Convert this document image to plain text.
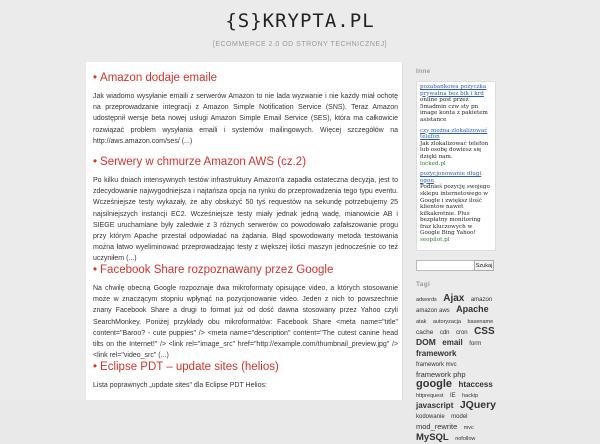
{S}KRYPTA.PL
[ECOMMERCE 2.0 OD STRONY TECHNICZNEJ]
• Amazon dodaje emaile
Jak wiadomo wysyłanie emaili z serwerów Amazon to nie lada wyzwanie i nie każdy miał ochotę na przeprowadzanie integracji z Amazon Simple Notification Service (SNS). Teraz Amazon udostępnił wersje beta nowej usługi Amazon Simple Email Service (SES), która ma całkowicie rozwiązać problem wysyłania emaili i systemów mailingowych. Więcej szczegółów na http://aws.amazon.com/ses/ (...)
• Serwery w chmurze Amazon AWS (cz.2)
Po kilku dniach intensywnych testów infrastruktury Amazon'a zapadła ostateczna decyzja, jest to zdecydowanie najwygodniejsza i najtańsza opcja na rynku do przeprowadzenia tego typu eventu. Wcześniejsze testy wykazały, że aby obsłużyć 50 tyś requestów na sekundę potrzebujemy 25 najsilniejszych instancji EC2. Wcześniejsze testy miały jednak jedną wadę, mianowicie AB i SIEGE uruchamiane były zaledwie z 3 różnych serwerów co powodowało zafałszowanie progu przy którym Apache przestał odpowiadać na żądania. Błąd spowodowany metoda testowania można łatwo wyeliminować przeprowadzając testy z większej ilości maszyn jednocześnie co też uczyniłem (...)
• Facebook Share rozpoznawany przez Google
Na chwilę obecną Google rozpoznaje dwa mikroformaty opisujące video, a których stosowanie może w znaczącym stopniu wpłynąć na pozycjonowanie video. Jeden z nich to powszechnie znany Facebook Share a drugi to format już od dość dawna stosowany przez Yahoo czyli SearchMonkey. Poniżej przykłady obu mikroformatów: Facebook Share <meta name="title" content="Baroo? - cute puppies" /> <meta name="description" content="The cutest canine head tilts on the Internet!" /> <link rel="image_src" href="http://example.com/thumbnail_preview.jpg" /> <link rel="video_src" (...)
• Eclipse PDT – update sites (helios)
Lista poprawnych „update sites" dla Eclipse PDT Helios:
Inne
pozabankowa pożyczka prywatna bez bik i krd
online post przez 5madmin czw sty pn image konta z pakietem asistance
czy można zlokalizować telefon
Jak zlokalizować telefon lub osobę dowiesz się dzięki nam.
locked.pl
pozycjonowanie długi ogon
Podnieś pozycję swojego sklepu internetowego w Google i zwiększ ilość klientów nawet kilkakrotnie. Plus bezpłatny monitoring fraz kluczowych w Google Bing Yahoo!
seopilot.pl
Szukaj
Tagi
adwords Ajax amazon amazon aws Apache atak autoryzacja basename cache cdn cron CSS DOM email form framework framework mvc framework php google htaccess httprequest IE hackip javascript JQuery kodowanie model mod_rewrite mvc MySQL nofollow
